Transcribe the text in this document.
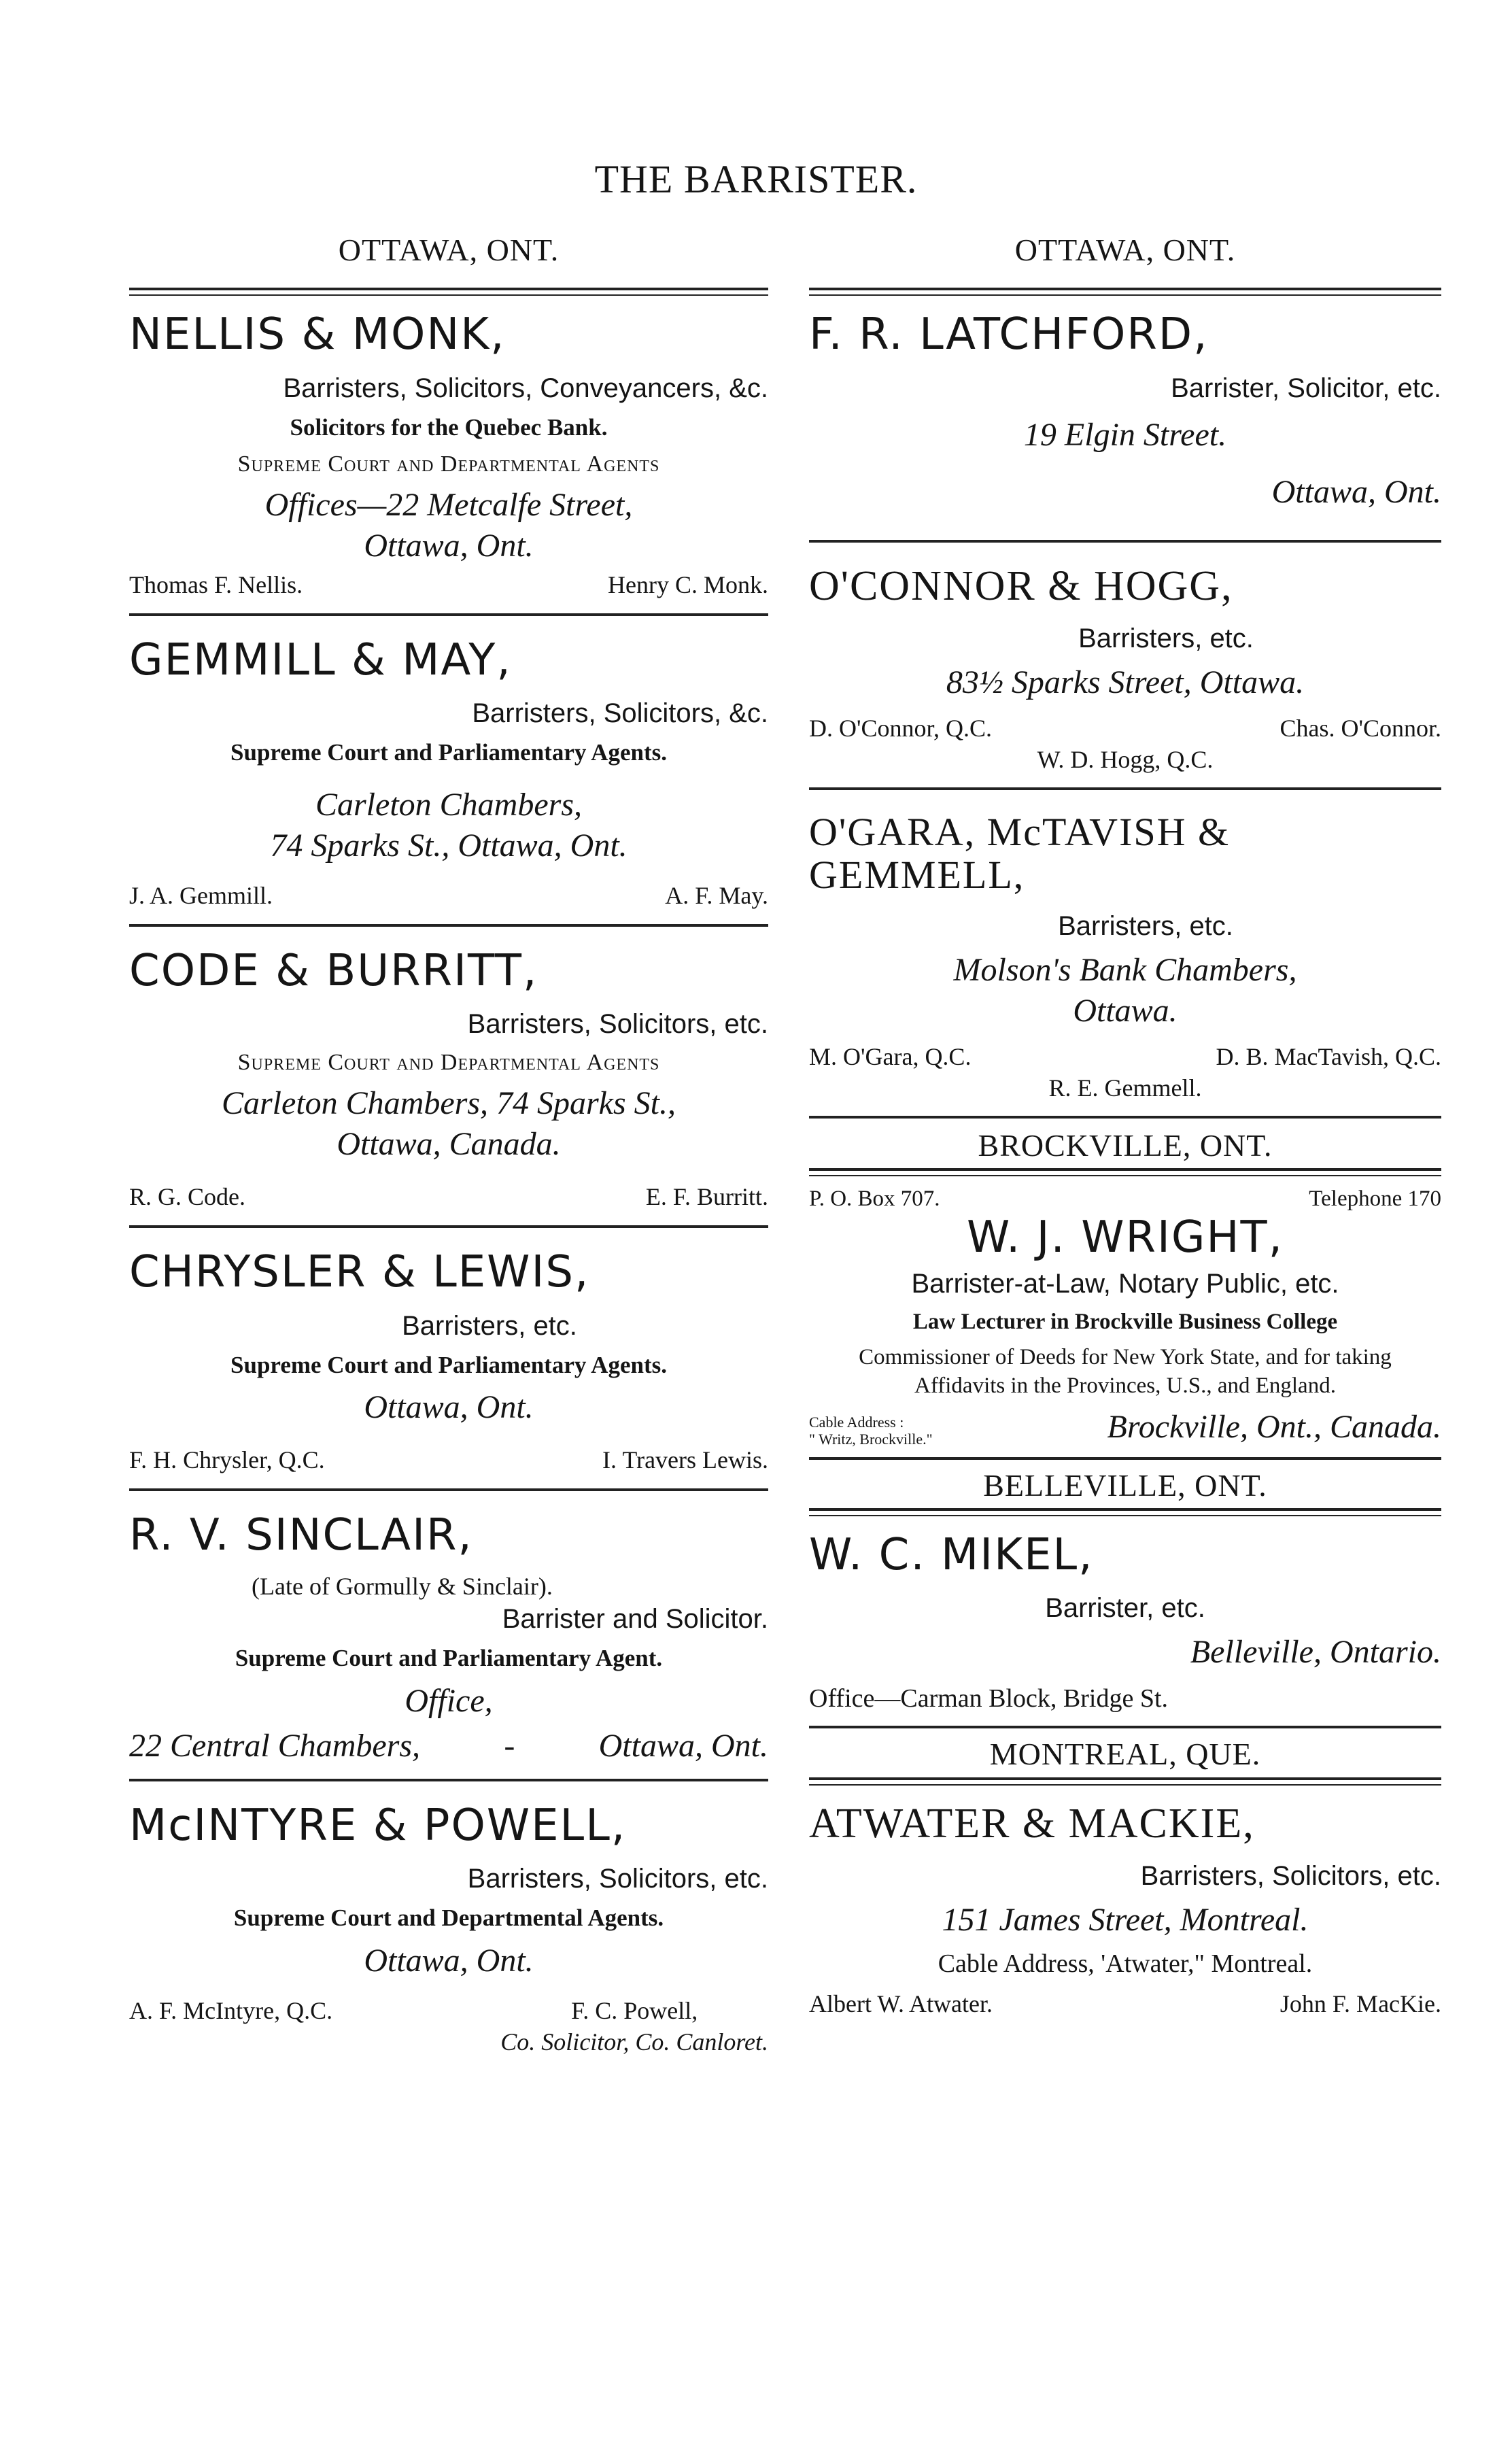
THE BARRISTER.
OTTAWA, ONT.
NELLIS & MONK,
Barristers, Solicitors, Conveyancers, &c.
Solicitors for the Quebec Bank.
Supreme Court and Departmental Agents
Offices—22 Metcalfe Street,
Ottawa, Ont.
Thomas F. Nellis.	Henry C. Monk.
GEMMILL & MAY,
Barristers, Solicitors, &c.
Supreme Court and Parliamentary Agents.
Carleton Chambers,
74 Sparks St., Ottawa, Ont.
J. A. Gemmill.	A. F. May.
CODE & BURRITT,
Barristers, Solicitors, etc.
Supreme Court and Departmental Agents
Carleton Chambers, 74 Sparks St.,
Ottawa, Canada.
R. G. Code.	E. F. Burritt.
CHRYSLER & LEWIS,
Barristers, etc.
Supreme Court and Parliamentary Agents.
Ottawa, Ont.
F. H. Chrysler, Q.C.	I. Travers Lewis.
R. V. SINCLAIR,
(Late of Gormully & Sinclair).
Barrister and Solicitor.
Supreme Court and Parliamentary Agent.
Office,
22 Central Chambers,	-	Ottawa, Ont.
McINTYRE & POWELL,
Barristers, Solicitors, etc.
Supreme Court and Departmental Agents.
Ottawa, Ont.
A. F. McIntyre, Q.C.	F. C. Powell,
Co. Solicitor, Co. Canloret.
OTTAWA, ONT.
F. R. LATCHFORD,
Barrister, Solicitor, etc.
19 Elgin Street.
Ottawa, Ont.
O'CONNOR & HOGG,
Barristers, etc.
83½ Sparks Street, Ottawa.
D. O'Connor, Q.C.	Chas. O'Connor.
W. D. Hogg, Q.C.
O'GARA, McTAVISH & GEMMELL,
Barristers, etc.
Molson's Bank Chambers,
Ottawa.
M. O'Gara, Q.C.	D. B. MacTavish, Q.C.
R. E. Gemmell.
BROCKVILLE, ONT.
P. O. Box 707.	Telephone 170
W. J. WRIGHT,
Barrister-at-Law, Notary Public, etc.
Law Lecturer in Brockville Business College
Commissioner of Deeds for New York State, and for taking Affidavits in the Provinces, U.S., and England.
Cable Address :
" Writz, Brockville."	Brockville, Ont., Canada.
BELLEVILLE, ONT.
W. C. MIKEL,
Barrister, etc.
Belleville, Ontario.
Office—Carman Block, Bridge St.
MONTREAL, QUE.
ATWATER & MACKIE,
Barristers, Solicitors, etc.
151 James Street, Montreal.
Cable Address, 'Atwater," Montreal.
Albert W. Atwater.	John F. MacKie.
